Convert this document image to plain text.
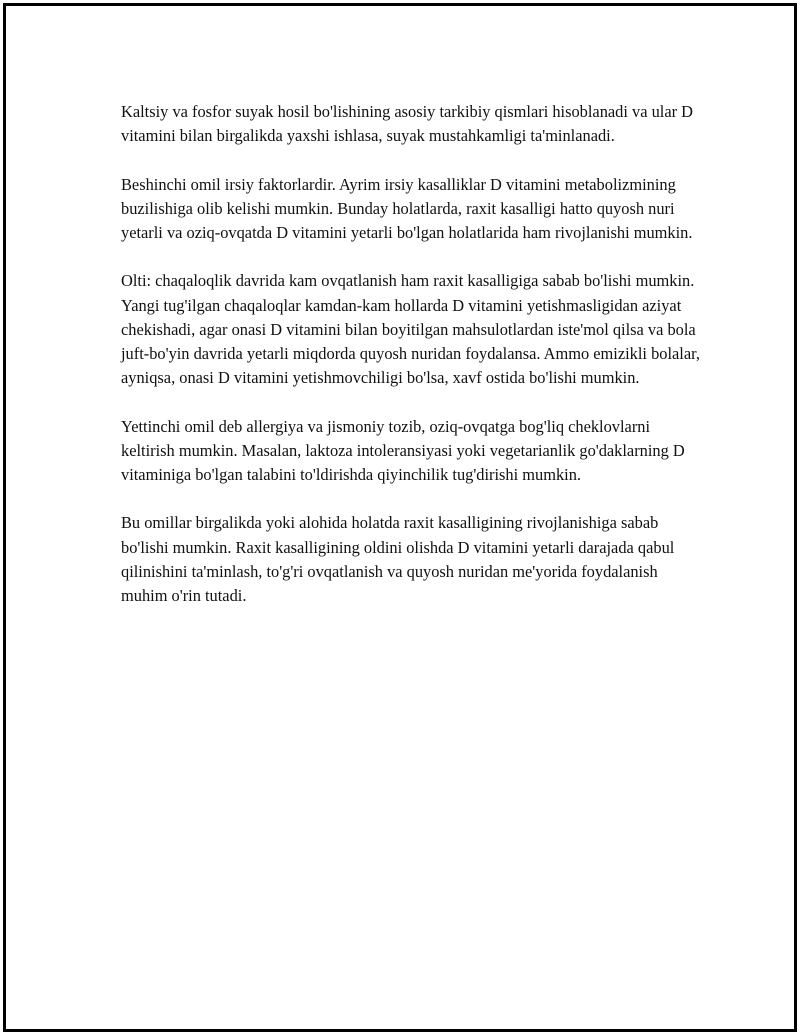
Kaltsiy va fosfor suyak hosil bo'lishining asosiy tarkibiy qismlari hisoblanadi va ular D vitamini bilan birgalikda yaxshi ishlasa, suyak mustahkamligi ta'minlanadi.

Beshinchi omil irsiy faktorlardir. Ayrim irsiy kasalliklar D vitamini metabolizmining buzilishiga olib kelishi mumkin. Bunday holatlarda, raxit kasalligi hatto quyosh nuri yetarli va oziq-ovqatda D vitamini yetarli bo'lgan holatlarida ham rivojlanishi mumkin.

Olti: chaqaloqlik davrida kam ovqatlanish ham raxit kasalligiga sabab bo'lishi mumkin. Yangi tug'ilgan chaqaloqlar kamdan-kam hollarda D vitamini yetishmasligidan aziyat chekishadi, agar onasi D vitamini bilan boyitilgan mahsulotlardan iste'mol qilsa va bola juft-bo'yin davrida yetarli miqdorda quyosh nuridan foydalansa. Ammo emizikli bolalar, ayniqsa, onasi D vitamini yetishmovchiligi bo'lsa, xavf ostida bo'lishi mumkin.

Yettinchi omil deb allergiya va jismoniy tozib, oziq-ovqatga bog'liq cheklovlarni keltirish mumkin. Masalan, laktoza intoleransiyasi yoki vegetarianlik go'daklarning D vitaminiga bo'lgan talabini to'ldirishda qiyinchilik tug'dirishi mumkin.

Bu omillar birgalikda yoki alohida holatda raxit kasalligining rivojlanishiga sabab bo'lishi mumkin. Raxit kasalligining oldini olishda D vitamini yetarli darajada qabul qilinishini ta'minlash, to'g'ri ovqatlanish va quyosh nuridan me'yorida foydalanish muhim o'rin tutadi.
